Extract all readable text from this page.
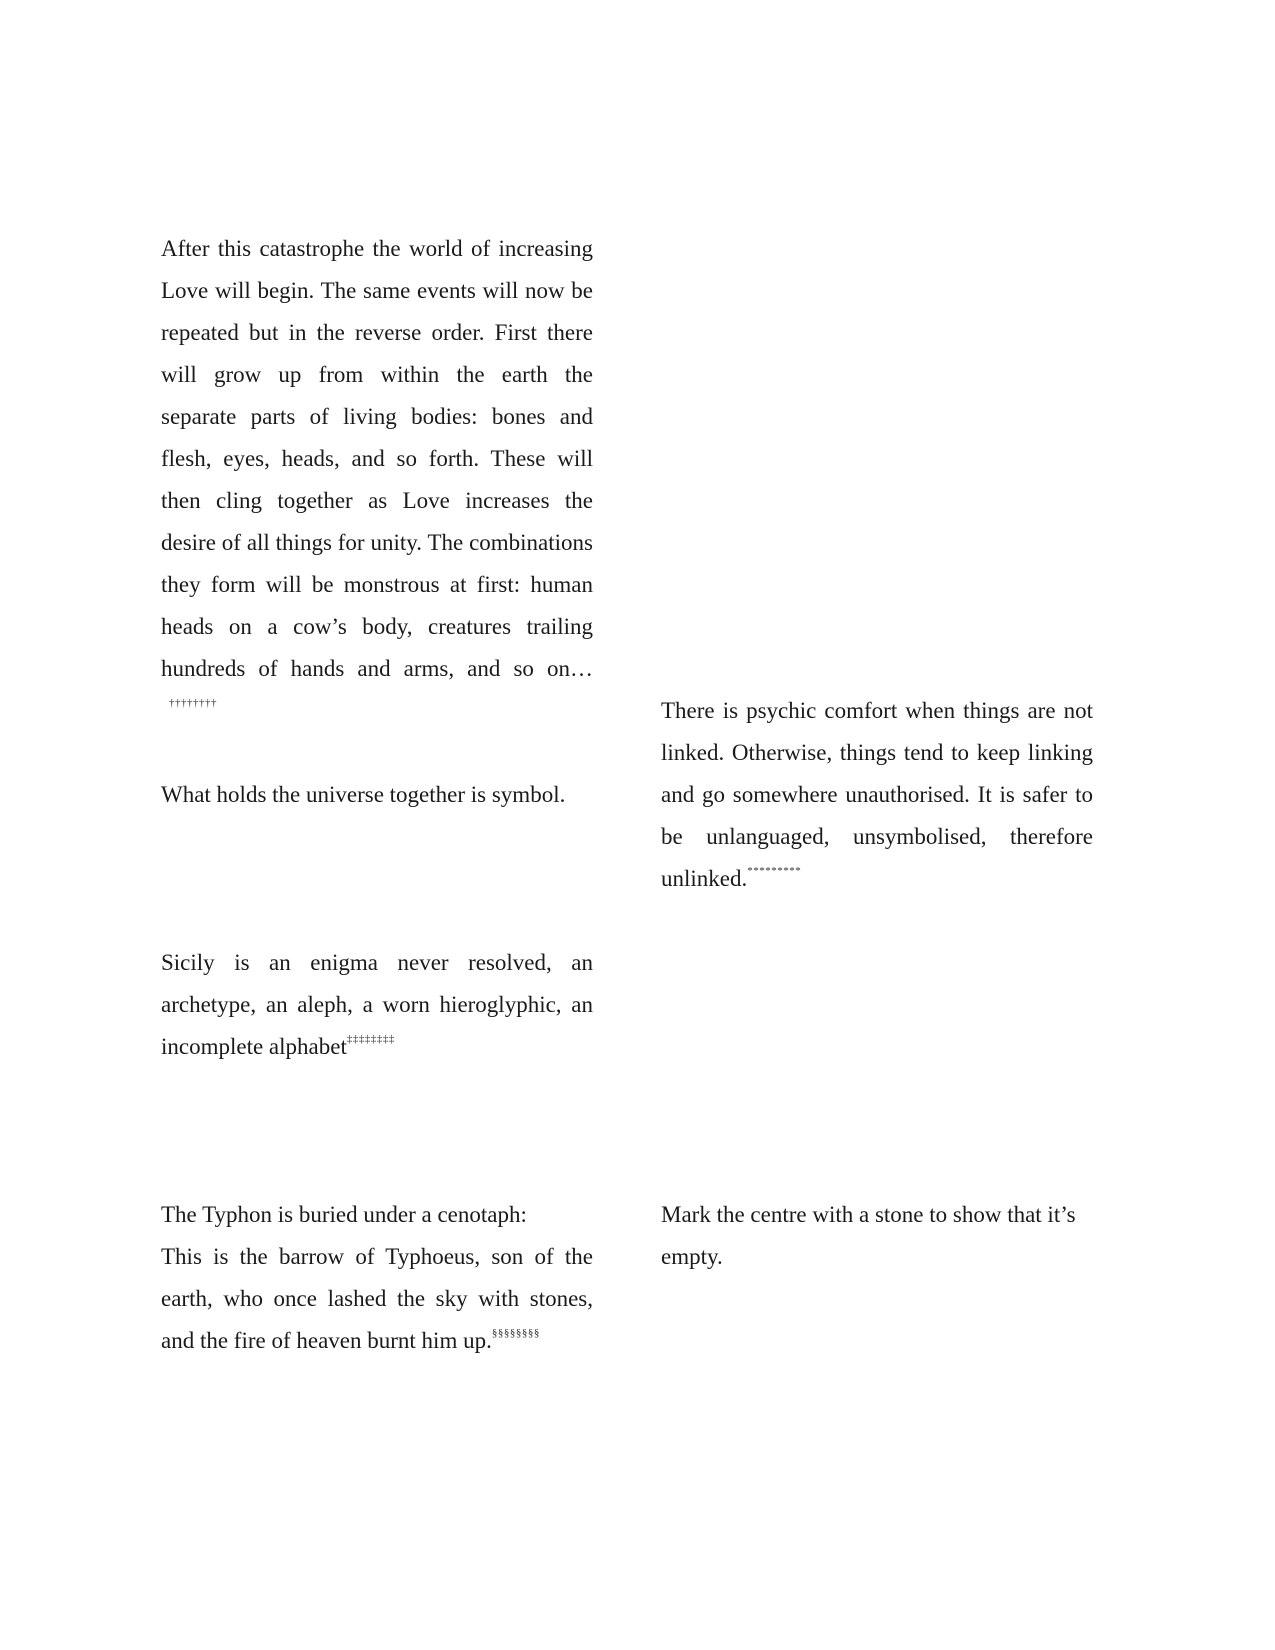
After this catastrophe the world of increasing Love will begin. The same events will now be repeated but in the reverse order. First there will grow up from within the earth the separate parts of living bodies: bones and flesh, eyes, heads, and so forth. These will then cling together as Love increases the desire of all things for unity. The combinations they form will be monstrous at first: human heads on a cow’s body, creatures trailing hundreds of hands and arms, and so on…††††††††

What holds the universe together is symbol.

Sicily is an enigma never resolved, an archetype, an aleph, a worn hieroglyphic, an incomplete alphabet‡‡‡‡‡‡‡‡

The Typhon is buried under a cenotaph:
This is the barrow of Typhoeus, son of the earth, who once lashed the sky with stones, and the fire of heaven burnt him up.§§§§§§§§

There is psychic comfort when things are not linked. Otherwise, things tend to keep linking and go somewhere unauthorised. It is safer to be unlanguaged, unsymbolised, therefore unlinked.*********

Mark the centre with a stone to show that it’s empty.
